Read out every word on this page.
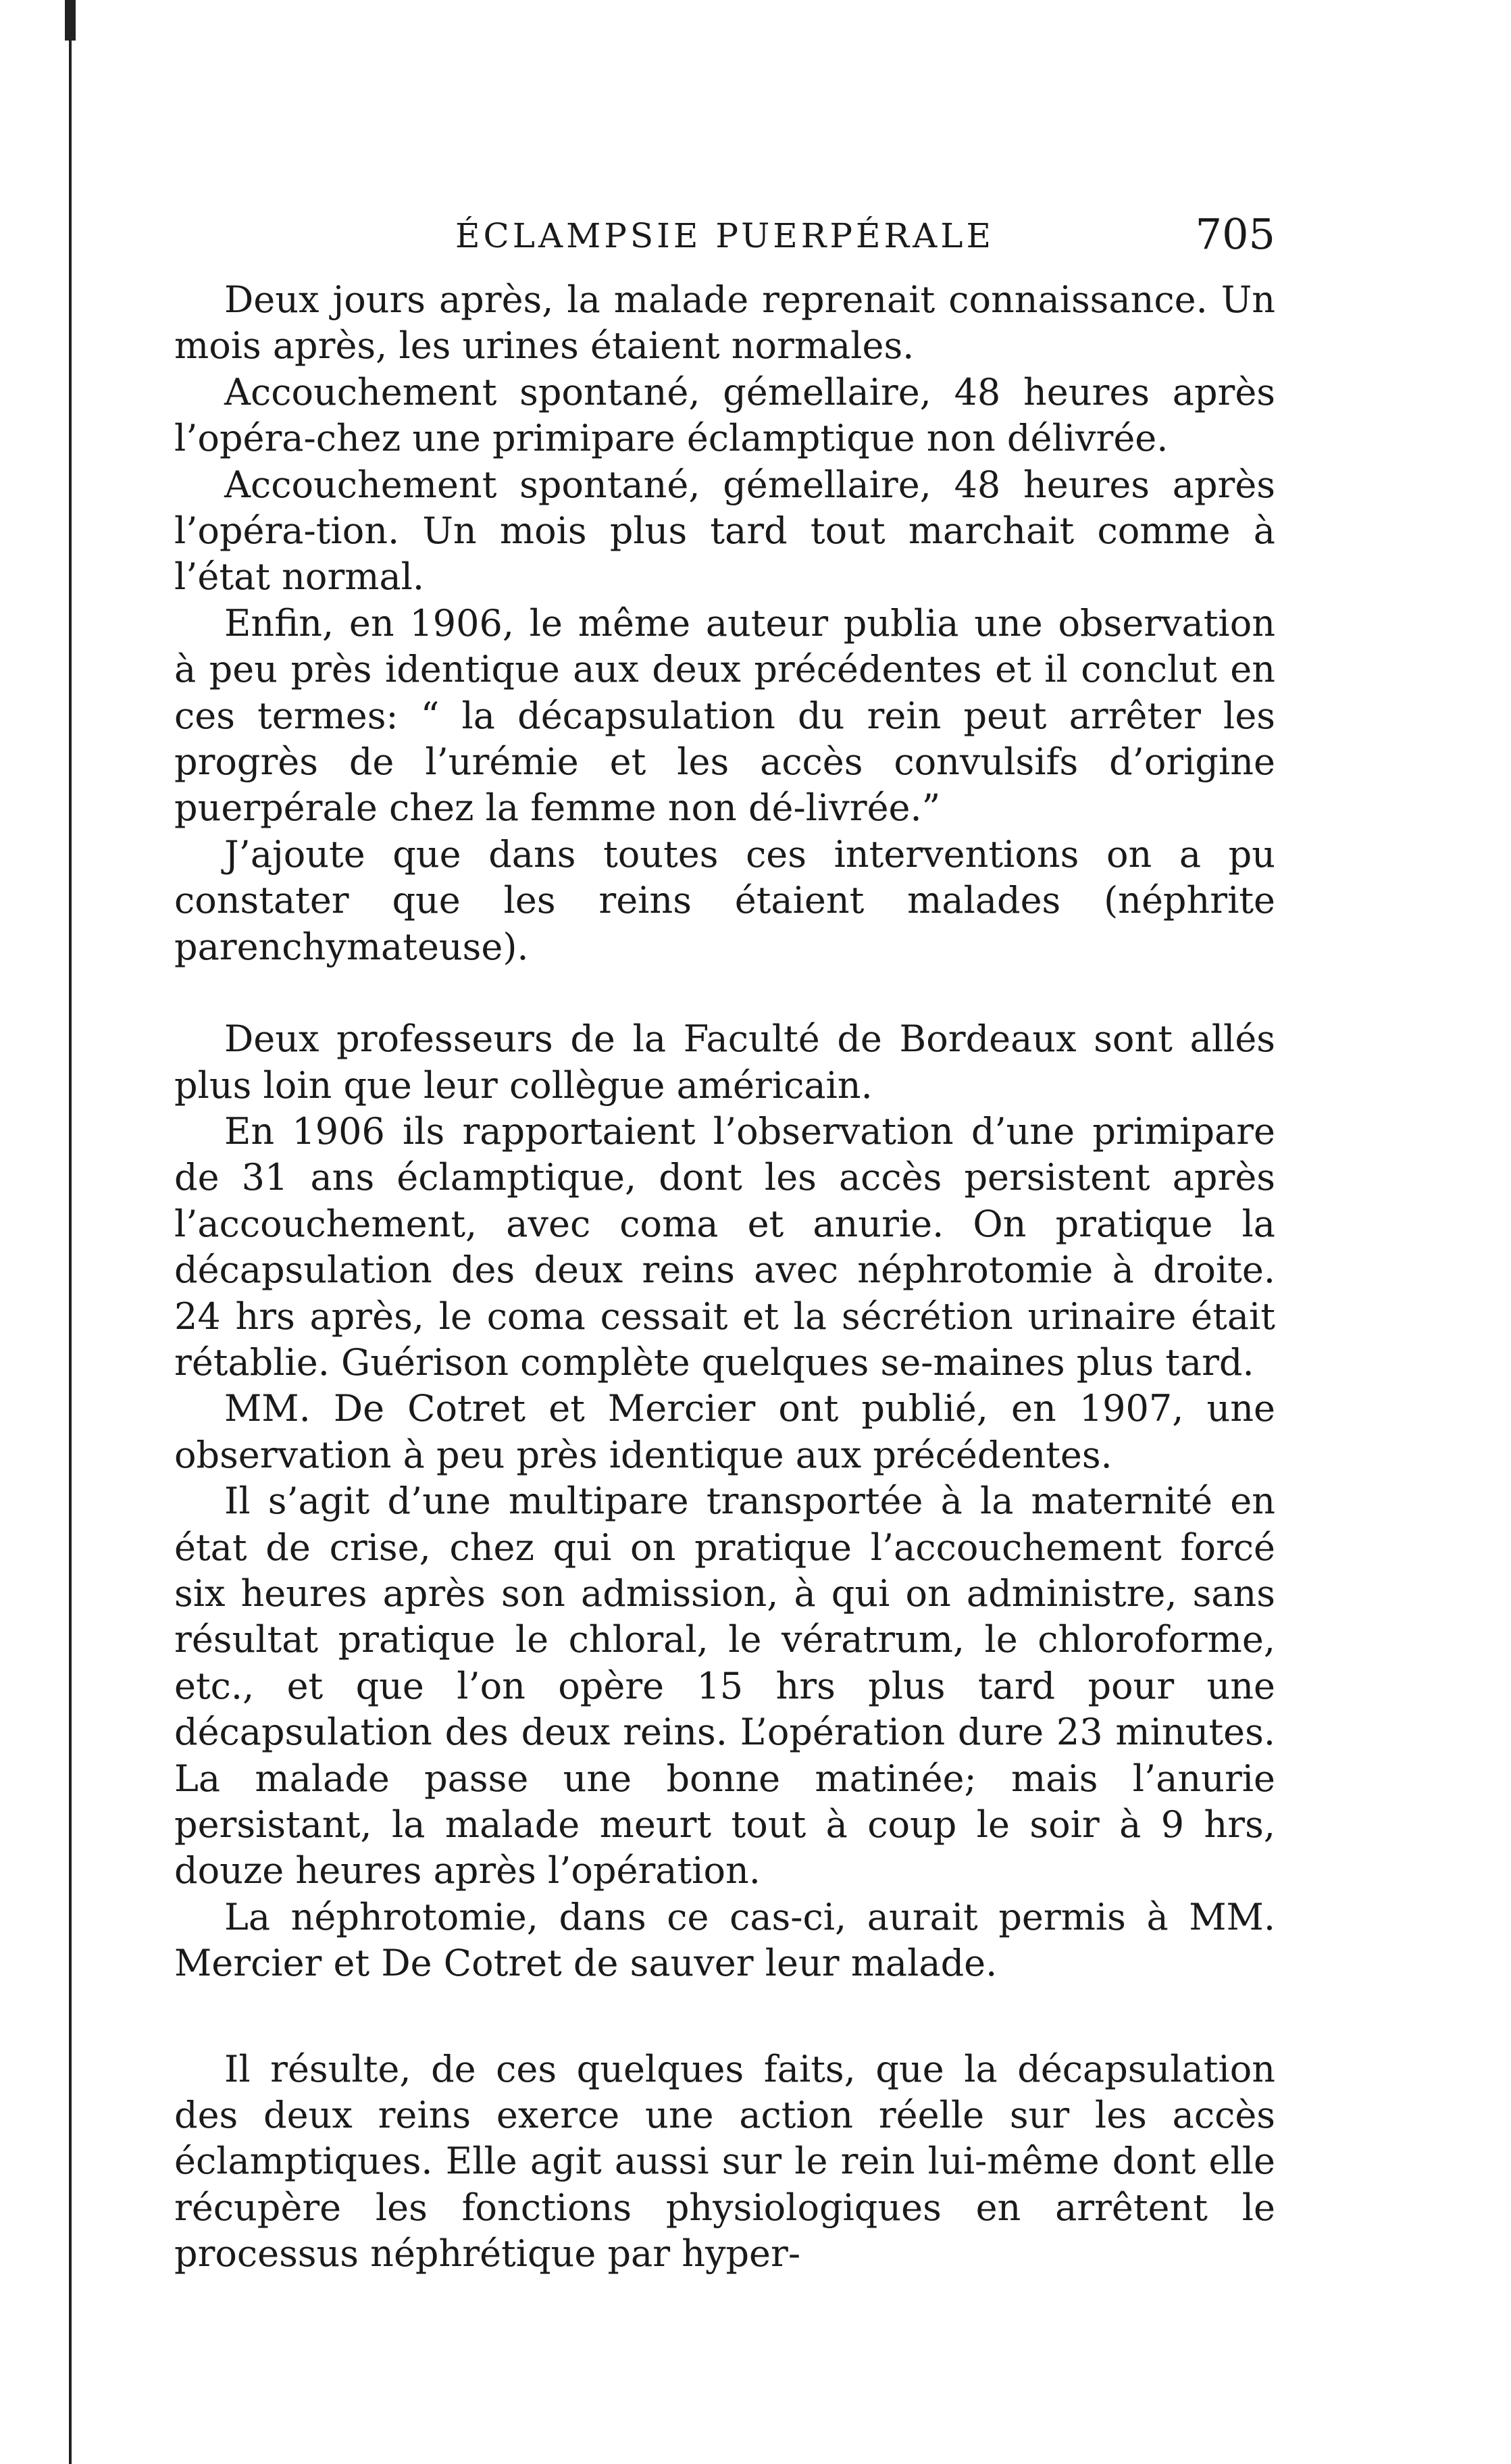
ÉCLAMPSIE PUERPÉRALE	705

Deux jours après, la malade reprenait connaissance. Un mois après, les urines étaient normales.

Accouchement spontané, gémellaire, 48 heures après l’opéra-chez une primipare éclamptique non délivrée.

Accouchement spontané, gémellaire, 48 heures après l’opéra-tion. Un mois plus tard tout marchait comme à l’état normal.

Enfin, en 1906, le même auteur publia une observation à peu près identique aux deux précédentes et il conclut en ces termes: “ la décapsulation du rein peut arrêter les progrès de l’urémie et les accès convulsifs d’origine puerpérale chez la femme non dé-livrée.”

J’ajoute que dans toutes ces interventions on a pu constater que les reins étaient malades (néphrite parenchymateuse).

Deux professeurs de la Faculté de Bordeaux sont allés plus loin que leur collègue américain.

En 1906 ils rapportaient l’observation d’une primipare de 31 ans éclamptique, dont les accès persistent après l’accouchement, avec coma et anurie. On pratique la décapsulation des deux reins avec néphrotomie à droite. 24 hrs après, le coma cessait et la sécrétion urinaire était rétablie. Guérison complète quelques se-maines plus tard.

MM. De Cotret et Mercier ont publié, en 1907, une observation à peu près identique aux précédentes.

Il s’agit d’une multipare transportée à la maternité en état de crise, chez qui on pratique l’accouchement forcé six heures après son admission, à qui on administre, sans résultat pratique le chloral, le vératrum, le chloroforme, etc., et que l’on opère 15 hrs plus tard pour une décapsulation des deux reins. L’opération dure 23 minutes. La malade passe une bonne matinée; mais l’anurie persistant, la malade meurt tout à coup le soir à 9 hrs, douze heures après l’opération.

La néphrotomie, dans ce cas-ci, aurait permis à MM. Mercier et De Cotret de sauver leur malade.

Il résulte, de ces quelques faits, que la décapsulation des deux reins exerce une action réelle sur les accès éclamptiques. Elle agit aussi sur le rein lui-même dont elle récupère les fonctions physiologiques en arrêtent le processus néphrétique par hyper-
